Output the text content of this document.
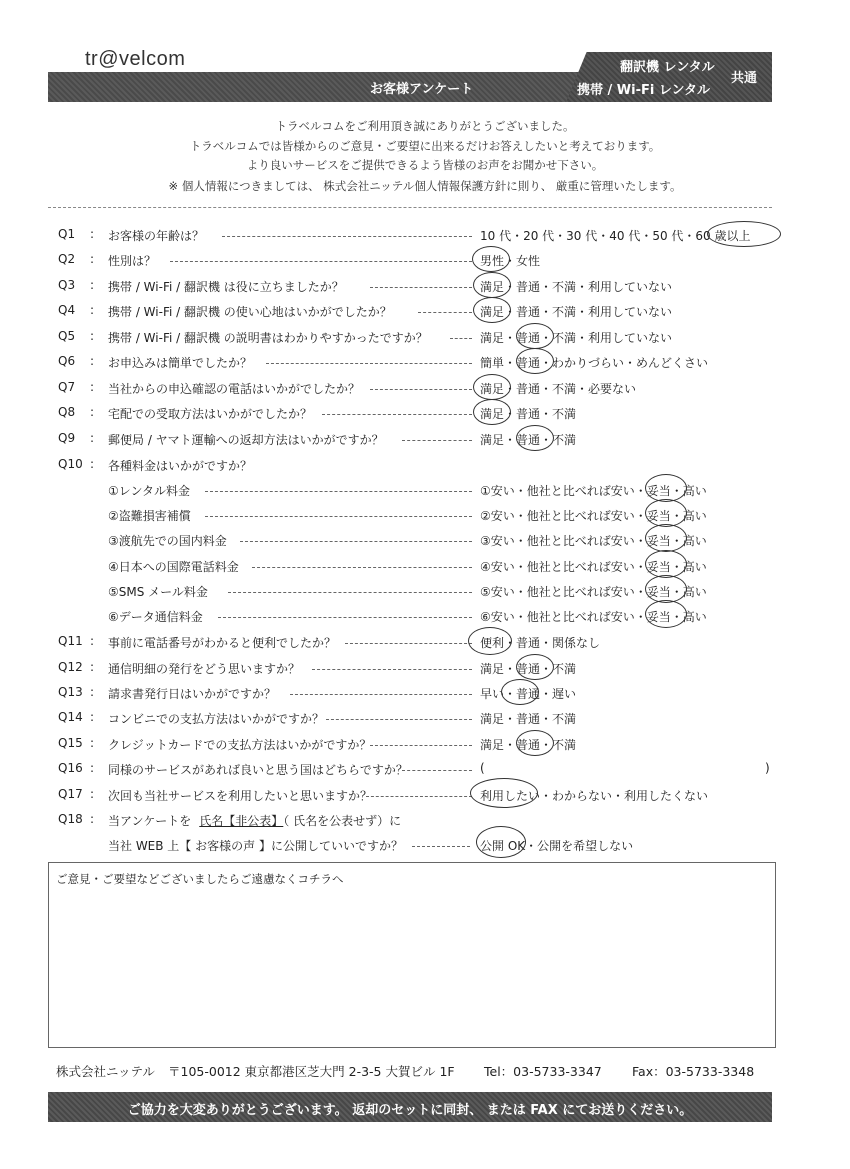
tr@velcom
お客様アンケート
翻訳機 レンタル
携帯 / Wi-Fi レンタル
共通
トラベルコムをご利用頂き誠にありがとうございました。
トラベルコムでは皆様からのご意見・ご要望に出来るだけお答えしたいと考えております。
より良いサービスをご提供できるよう皆様のお声をお聞かせ下さい。
※ 個人情報につきましては、 株式会社ニッテル個人情報保護方針に則り、 厳重に管理いたします。
Q1 : お客様の年齢は？	10 代・20 代・30 代・40 代・50 代・60 歳以上
Q2 : 性別は？	男性・女性
Q3 : 携帯 / Wi-Fi / 翻訳機 は役に立ちましたか？	満足・普通・不満・利用していない
Q4 : 携帯 / Wi-Fi / 翻訳機 の使い心地はいかがでしたか？	満足・普通・不満・利用していない
Q5 : 携帯 / Wi-Fi / 翻訳機 の説明書はわかりやすかったですか？	満足・普通・不満・利用していない
Q6 : お申込みは簡単でしたか？	簡単・普通・わかりづらい・めんどくさい
Q7 : 当社からの申込確認の電話はいかがでしたか？	満足・普通・不満・必要ない
Q8 : 宅配での受取方法はいかがでしたか？	満足・普通・不満
Q9 : 郵便局 / ヤマト運輸への返却方法はいかがですか？	満足・普通・不満
Q10 : 各種料金はいかがですか？
①レンタル料金	①安い・他社と比べれば安い・妥当・高い
②盗難損害補償	②安い・他社と比べれば安い・妥当・高い
③渡航先での国内料金	③安い・他社と比べれば安い・妥当・高い
④日本への国際電話料金	④安い・他社と比べれば安い・妥当・高い
⑤SMS メール料金	⑤安い・他社と比べれば安い・妥当・高い
⑥データ通信料金	⑥安い・他社と比べれば安い・妥当・高い
Q11 : 事前に電話番号がわかると便利でしたか？	便利・普通・関係なし
Q12 : 通信明細の発行をどう思いますか？	満足・普通・不満
Q13 : 請求書発行日はいかがですか？	早い・普通・遅い
Q14 : コンビニでの支払方法はいかがですか？	満足・普通・不満
Q15 : クレジットカードでの支払方法はいかがですか？	満足・普通・不満
Q16 : 同様のサービスがあれば良いと思う国はどちらですか？	(	)
Q17 : 次回も当社サービスを利用したいと思いますか？	利用したい・わからない・利用したくない
Q18 : 当アンケートを 氏名【非公表】（ 氏名を公表せず）に
当社 WEB 上【 お客様の声 】に公開していいですか？	公開 OK・公開を希望しない
ご意見・ご要望などございましたらご遠慮なくコチラへ
株式会社ニッテル 〒105-0012 東京都港区芝大門 2-3-5 大賀ビル 1F Tel：03-5733-3347 Fax：03-5733-3348
ご協力を大変ありがとうございます。 返却のセットに同封、 または FAX にてお送りください。
